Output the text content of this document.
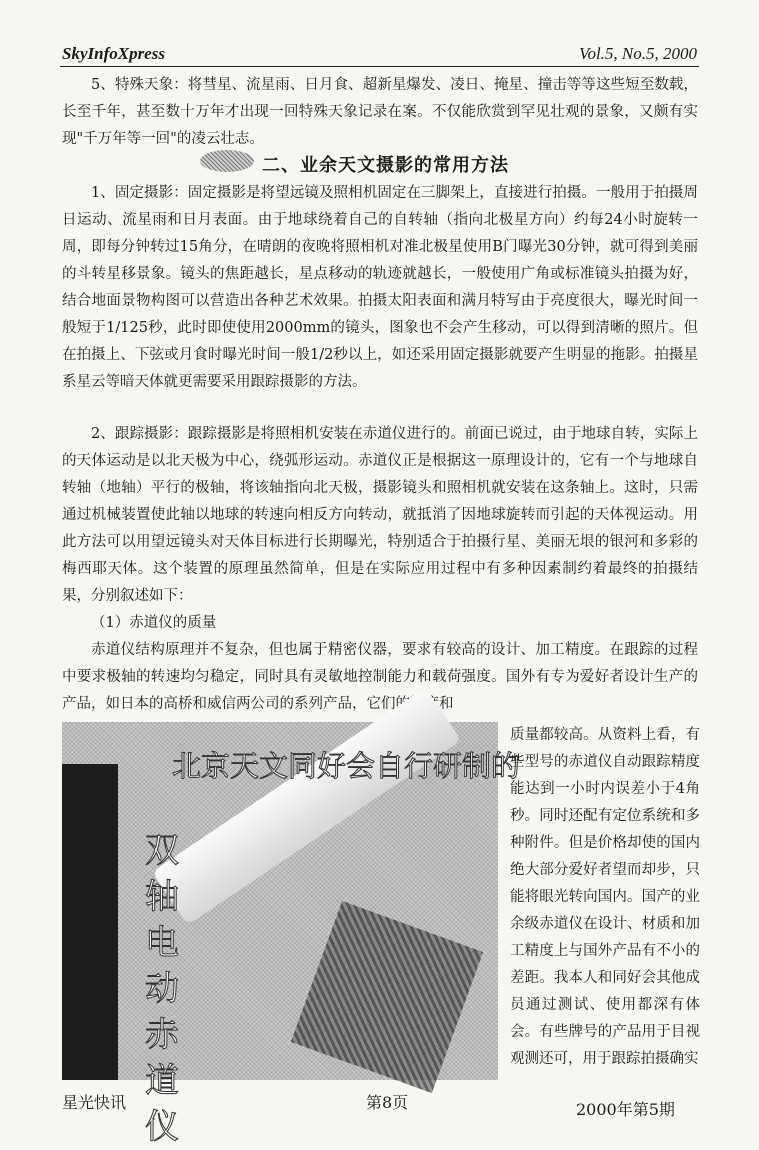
SkyInfoXpress	Vol.5, No.5, 2000

5、特殊天象：将彗星、流星雨、日月食、超新星爆发、凌日、掩星、撞击等等这些短至数载，长至千年，甚至数十万年才出现一回特殊天象记录在案。不仅能欣赏到罕见壮观的景象，又颇有实现"千万年等一回"的凌云壮志。

二、业余天文摄影的常用方法

1、固定摄影：固定摄影是将望远镜及照相机固定在三脚架上，直接进行拍摄。一般用于拍摄周日运动、流星雨和日月表面。由于地球绕着自己的自转轴（指向北极星方向）约每24小时旋转一周，即每分钟转过15角分，在晴朗的夜晚将照相机对准北极星使用B门曝光30分钟，就可得到美丽的斗转星移景象。镜头的焦距越长，星点移动的轨迹就越长，一般使用广角或标准镜头拍摄为好，结合地面景物构图可以营造出各种艺术效果。拍摄太阳表面和满月特写由于亮度很大，曝光时间一般短于1/125秒，此时即使使用2000mm的镜头，图象也不会产生移动，可以得到清晰的照片。但在拍摄上、下弦或月食时曝光时间一般1/2秒以上，如还采用固定摄影就要产生明显的拖影。拍摄星系星云等暗天体就更需要采用跟踪摄影的方法。

2、跟踪摄影：跟踪摄影是将照相机安装在赤道仪进行的。前面已说过，由于地球自转，实际上的天体运动是以北天极为中心，绕弧形运动。赤道仪正是根据这一原理设计的，它有一个与地球自转轴（地轴）平行的极轴，将该轴指向北天极，摄影镜头和照相机就安装在这条轴上。这时，只需通过机械装置使此轴以地球的转速向相反方向转动，就抵消了因地球旋转而引起的天体视运动。用此方法可以用望远镜头对天体目标进行长期曝光，特别适合于拍摄行星、美丽无垠的银河和多彩的梅西耶天体。这个装置的原理虽然简单，但是在实际应用过程中有多种因素制约着最终的拍摄结果，分别叙述如下：

（1）赤道仪的质量

赤道仪结构原理并不复杂，但也属于精密仪器，要求有较高的设计、加工精度。在跟踪的过程中要求极轴的转速均匀稳定，同时具有灵敏地控制能力和载荷强度。国外有专为爱好者设计生产的产品，如日本的高桥和威信两公司的系列产品，它们的精度和

北京天文同好会自行研制的
双
轴
电
动
赤
道
仪
质量都较高。从资料上看，有些型号的赤道仪自动跟踪精度能达到一小时内误差小于4角秒。同时还配有定位系统和多种附件。但是价格却使的国内绝大部分爱好者望而却步，只能将眼光转向国内。国产的业余级赤道仪在设计、材质和加工精度上与国外产品有不小的差距。我本人和同好会其他成员通过测试、使用都深有体会。有些牌号的产品用于目视观测还可，用于跟踪拍摄确实
星光快讯	第8页	2000年第5期
